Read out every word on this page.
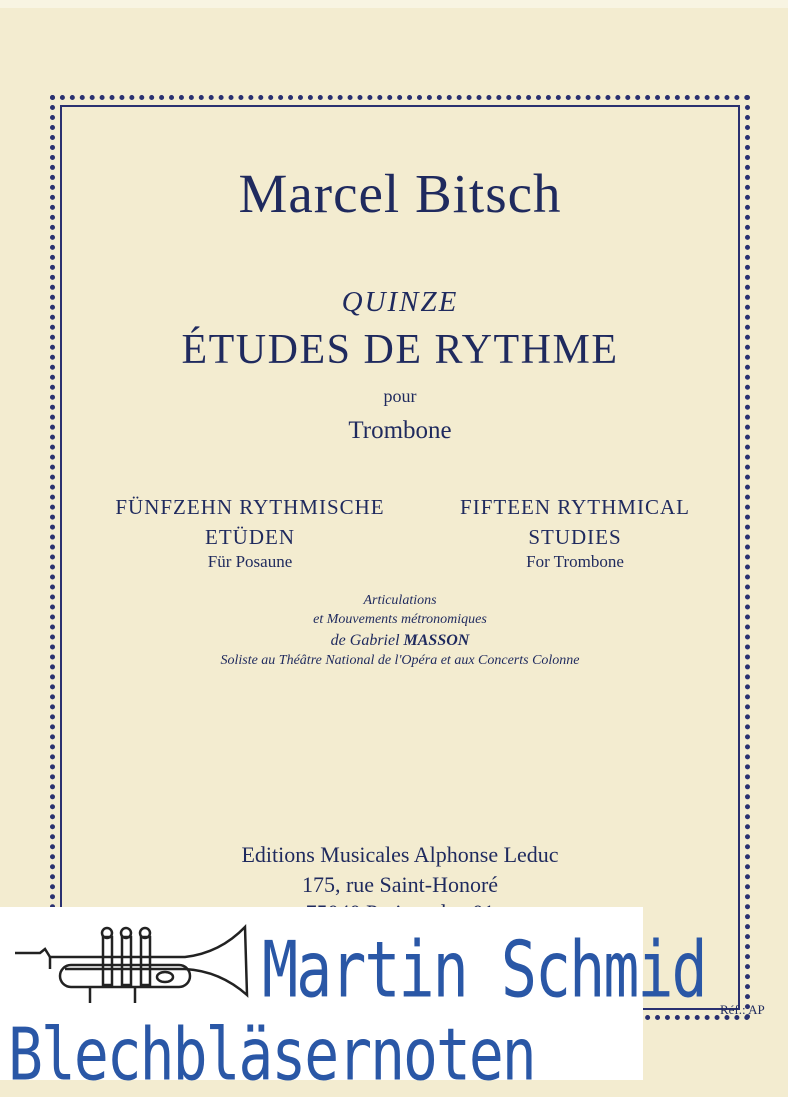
Marcel Bitsch
QUINZE
ÉTUDES DE RYTHME
pour
Trombone
FÜNFZEHN RYTHMISCHE
ETÜDEN
Für Posaune
FIFTEEN RYTHMICAL
STUDIES
For Trombone
Articulations
et Mouvements métronomiques
de Gabriel MASSON
Soliste au Théâtre National de l'Opéra et aux Concerts Colonne
Editions Musicales Alphonse Leduc
175, rue Saint-Honoré
Réf.: AP
Martin Schmid
Blechbläsernoten
